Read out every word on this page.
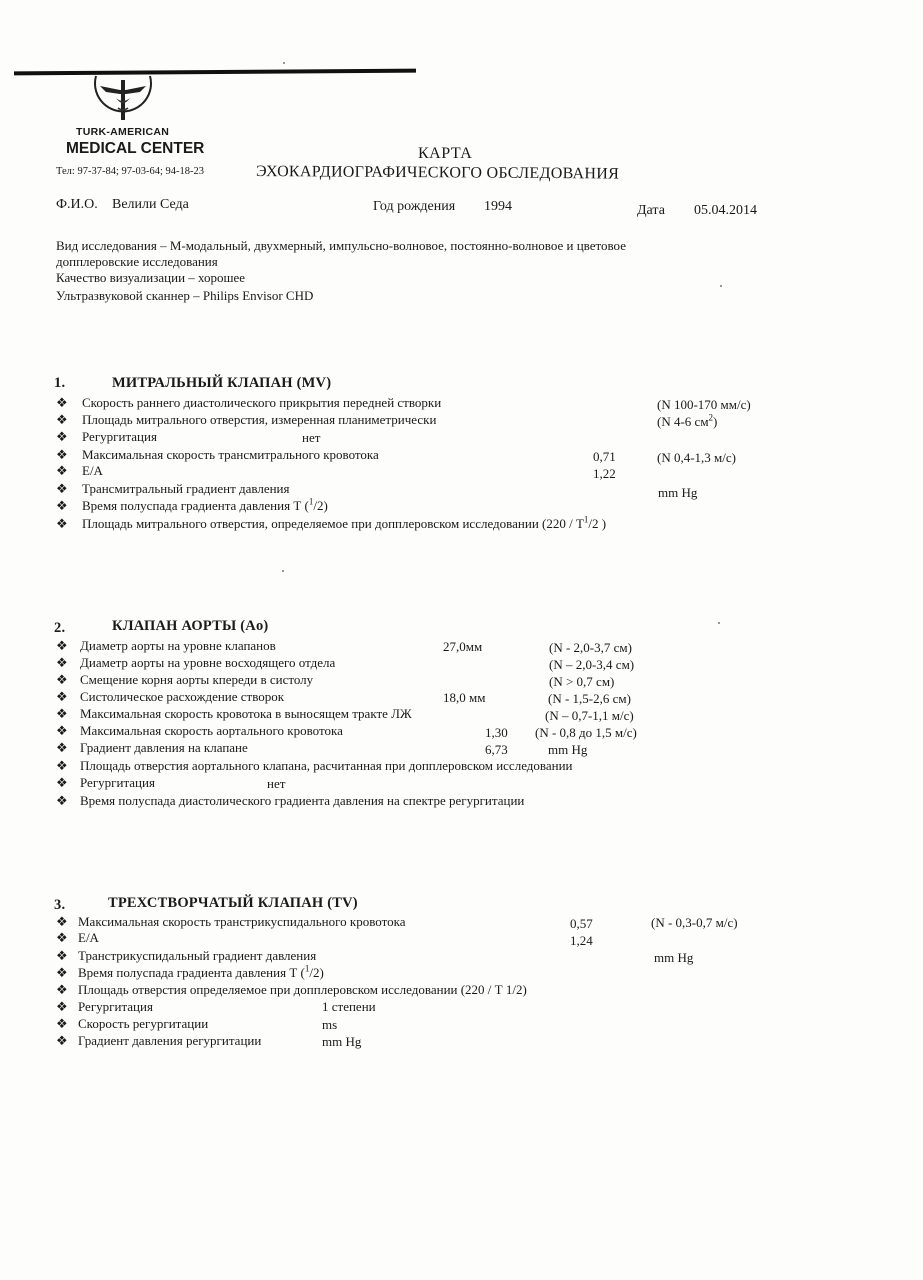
TURK-AMERICAN
MEDICAL CENTER
Тел: 97-37-84; 97-03-64; 94-18-23
КАРТА
ЭХОКАРДИОГРАФИЧЕСКОГО ОБСЛЕДОВАНИЯ
Ф.И.О. Велили Седа	Год рождения 1994	Дата 05.04.2014
Вид исследования – М-модальный, двухмерный, импульсно-волновое, постоянно-волновое и цветовое
допплеровские исследования
Качество визуализации – хорошее
Ультразвуковой сканнер – Philips Envisor CHD
1.	МИТРАЛЬНЫЙ КЛАПАН (MV)
❖ Скорость раннего диастолического прикрытия передней створки	(N 100-170 мм/с)
❖ Площадь митрального отверстия, измеренная планиметрически	(N 4-6 $см^2$)
❖ Регургитация	нет
❖ Максимальная скорость трансмитрального кровотока	0,71	(N 0,4-1,3 м/с)
❖ E/A	1,22
❖ Трансмитральный градиент давления	mm Hg
❖ Время полуспада градиента давления Т ($^1$/2)
❖ Площадь митрального отверстия, определяемое при допплеровском исследовании ($220 / Т^1/2$ )
2.	КЛАПАН АОРТЫ (Ao)
❖ Диаметр аорты на уровне клапанов	27,0мм	(N - 2,0-3,7 см)
❖ Диаметр аорты на уровне восходящего отдела	(N – 2,0-3,4 см)
❖ Смещение корня аорты кпереди в систолу	(N > 0,7 см)
❖ Систолическое расхождение створок	18,0 мм	(N - 1,5-2,6 см)
❖ Максимальная скорость кровотока в выносящем тракте ЛЖ	(N – 0,7-1,1 м/с)
❖ Максимальная скорость аортального кровотока	1,30 (N - 0,8 до 1,5 м/с)
❖ Градиент давления на клапане	6,73	mm Hg
❖ Площадь отверстия аортального клапана, расчитанная при допплеровском исследовании
❖ Регургитация	нет
❖ Время полуспада диастолического градиента давления на спектре регургитации
3.	ТРЕХСТВОРЧАТЫЙ КЛАПАН (TV)
❖ Максимальная скорость транстрикуспидального кровотока	0,57	(N - 0,3-0,7 м/с)
❖ E/A	1,24
❖ Транстрикуспидальный градиент давления	mm Hg
❖ Время полуспада градиента давления Т ($^1$/2)
❖ Площадь отверстия определяемое при допплеровском исследовании (220 / Т 1/2)
❖ Регургитация	1 степени
❖ Скорость регургитации	ms
❖ Градиент давления регургитации	mm Hg
